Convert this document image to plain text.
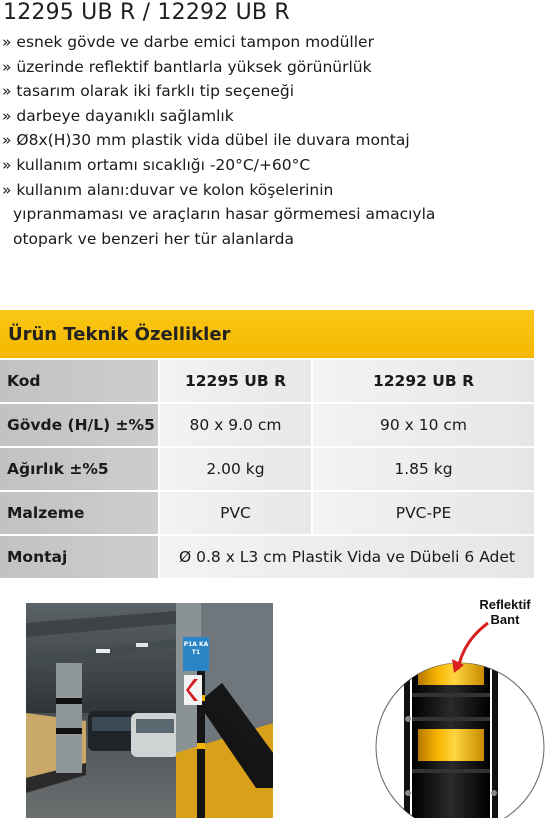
12295 UB R / 12292 UB R
» esnek gövde ve darbe emici tampon modüller
» üzerinde reflektif bantlarla yüksek görünürlük
» tasarım olarak iki farklı tip seçeneği
» darbeye dayanıklı sağlamlık
» Ø8x(H)30 mm plastik vida dübel ile duvara montaj
» kullanım ortamı sıcaklığı -20°C/+60°C
» kullanım alanı:duvar ve kolon köşelerinin
yıpranmaması ve araçların hasar görmemesi amacıyla
otopark ve benzeri her tür alanlarda
Ürün Teknik Özellikler
Kod	12295 UB R	12292 UB R
Gövde (H/L) ±%5	80 x 9.0 cm	90 x 10 cm
Ağırlık ±%5	2.00 kg	1.85 kg
Malzeme	PVC	PVC-PE
Montaj	Ø 0.8 x L3 cm Plastik Vida ve Dübeli 6 Adet
P1A KAT1
Reflektif
Bant
